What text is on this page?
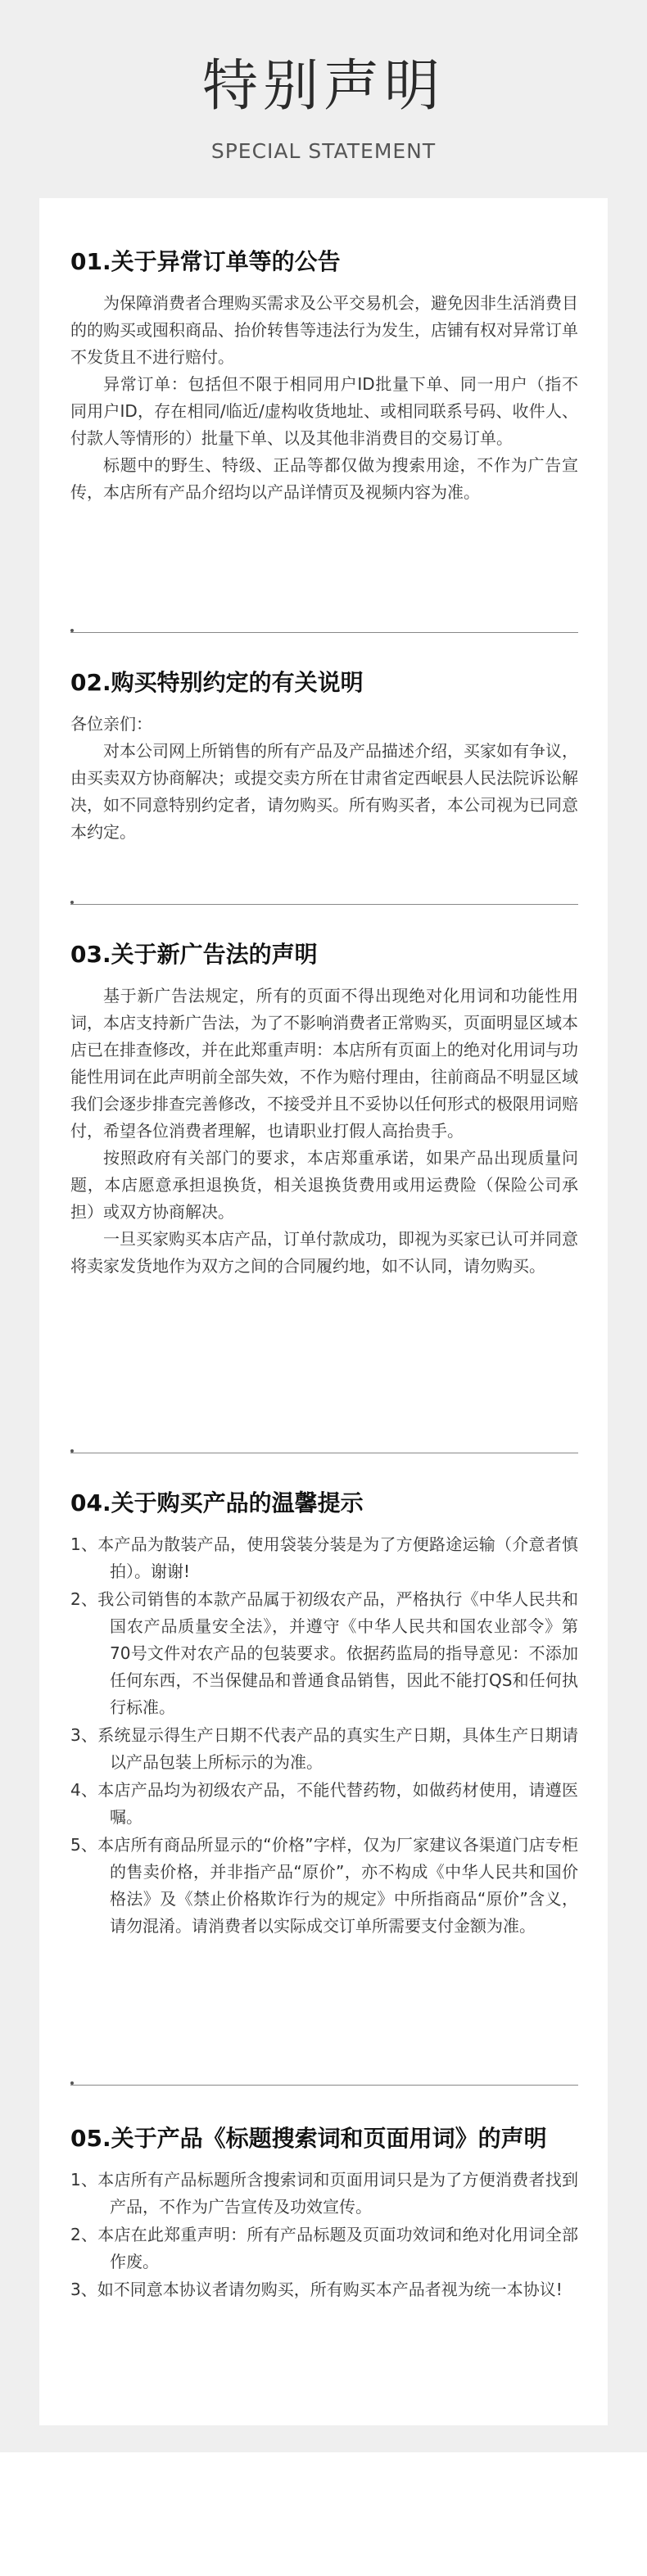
特别声明
SPECIAL STATEMENT
01.关于异常订单等的公告

为保障消费者合理购买需求及公平交易机会，避免因非生活消费目的的购买或囤积商品、抬价转售等违法行为发生，店铺有权对异常订单不发货且不进行赔付。

异常订单：包括但不限于相同用户ID批量下单、同一用户（指不同用户ID，存在相同/临近/虚构收货地址、或相同联系号码、收件人、付款人等情形的）批量下单、以及其他非消费目的交易订单。

标题中的野生、特级、正品等都仅做为搜索用途，不作为广告宣传，本店所有产品介绍均以产品详情页及视频内容为准。

02.购买特别约定的有关说明

各位亲们：

对本公司网上所销售的所有产品及产品描述介绍，买家如有争议，由买卖双方协商解决；或提交卖方所在甘肃省定西岷县人民法院诉讼解决，如不同意特别约定者，请勿购买。所有购买者，本公司视为已同意本约定。

03.关于新广告法的声明

基于新广告法规定，所有的页面不得出现绝对化用词和功能性用词，本店支持新广告法，为了不影响消费者正常购买，页面明显区域本店已在排查修改，并在此郑重声明：本店所有页面上的绝对化用词与功能性用词在此声明前全部失效，不作为赔付理由，往前商品不明显区域我们会逐步排查完善修改，不接受并且不妥协以任何形式的极限用词赔付，希望各位消费者理解，也请职业打假人高抬贵手。

按照政府有关部门的要求，本店郑重承诺，如果产品出现质量问题，本店愿意承担退换货，相关退换货费用或用运费险（保险公司承担）或双方协商解决。

一旦买家购买本店产品，订单付款成功，即视为买家已认可并同意将卖家发货地作为双方之间的合同履约地，如不认同，请勿购买。

04.关于购买产品的温馨提示
1、本产品为散装产品，使用袋装分装是为了方便路途运输（介意者慎拍）。谢谢!
2、我公司销售的本款产品属于初级农产品，严格执行《中华人民共和国农产品质量安全法》，并遵守《中华人民共和国农业部令》第70号文件对农产品的包装要求。依据药监局的指导意见：不添加任何东西，不当保健品和普通食品销售，因此不能打QS和任何执行标准。
3、系统显示得生产日期不代表产品的真实生产日期，具体生产日期请以产品包装上所标示的为准。
4、本店产品均为初级农产品，不能代替药物，如做药材使用，请遵医嘱。
5、本店所有商品所显示的“价格”字样，仅为厂家建议各渠道门店专柜的售卖价格，并非指产品“原价”，亦不构成《中华人民共和国价格法》及《禁止价格欺诈行为的规定》中所指商品“原价”含义，请勿混淆。请消费者以实际成交订单所需要支付金额为准。
05.关于产品《标题搜索词和页面用词》的声明
1、本店所有产品标题所含搜索词和页面用词只是为了方便消费者找到产品，不作为广告宣传及功效宣传。
2、本店在此郑重声明：所有产品标题及页面功效词和绝对化用词全部作废。
3、如不同意本协议者请勿购买，所有购买本产品者视为统一本协议!
